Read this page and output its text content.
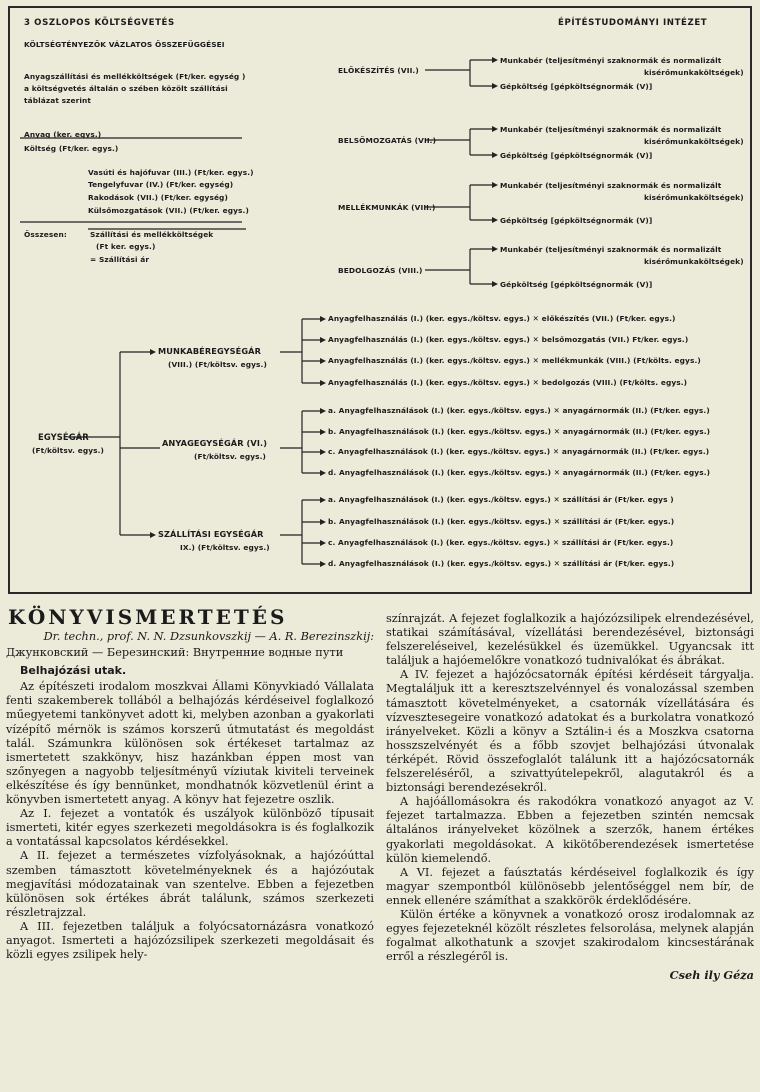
3 OSZLOPOS KÖLTSÉGVETÉS	ÉPÍTÉSTUDOMÁNYI INTÉZET
KÖLTSÉGTÉNYEZŐK VÁZLATOS ÖSSZEFÜGGÉSEI
Anyagszállítási és mellékköltségek (Ft/ker. egység )
a költségvetés általán o szében közölt szállítási
táblázat szerint
Anyag (ker. egys.)
Költség (Ft/ker. egys.)
Vasúti és hajófuvar (III.) (Ft/ker. egys.)
Tengelyfuvar (IV.) (Ft/ker. egység)
Rakodások (VII.) (Ft/ker. egység)
Külsőmozgatások (VII.) (Ft/ker. egys.)
Összesen:	Szállítási és mellékköltségek
(Ft ker. egys.)
= Szállítási ár
ELŐKÉSZÍTÉS (VII.)
BELSŐMOZGATÁS (VII.)
MELLÉKMUNKÁK (VIII.)
BEDOLGOZÁS (VIII.)
Munkabér (teljesítményi szaknormák és normalizált
kisérőmunkaköltségek)
Gépköltség [gépköltségnormák (V)]
Munkabér (teljesítményi szaknormák és normalizált
kisérőmunkaköltségek)
Gépköltség [gépköltségnormák (V)]
Munkabér (teljesítményi szaknormák és normalizált
kisérőmunkaköltségek)
Gépköltség [gépköltségnormák (V)]
Munkabér (teljesítményi szaknormák és normalizált
kisérőmunkaköltségek)
Gépköltség [gépköltségnormák (V)]
EGYSÉGÁR
(Ft/költsv. egys.)
MUNKABÉREGYSÉGÁR
(VIII.) (Ft/költsv. egys.)
ANYAGEGYSÉGÁR (VI.)
(Ft/költsv. egys.)
SZÁLLÍTÁSI EGYSÉGÁR
IX.) (Ft/költsv. egys.)
Anyagfelhasználás (I.) (ker. egys./költsv. egys.) ✕ előkészítés (VII.) (Ft/ker. egys.)
Anyagfelhasználás (I.) (ker. egys./költsv. egys.) ✕ belsőmozgatás (VII.) Ft/ker. egys.)
Anyagfelhasználás (I.) (ker. egys./költsv. egys.) ✕ mellékmunkák (VIII.) (Ft/költs. egys.)
Anyagfelhasználás (I.) (ker. egys./költsv. egys.) ✕ bedolgozás (VIII.) (Ft/költs. egys.)
a. Anyagfelhasználások (I.) (ker. egys./költsv. egys.) ✕ anyagárnormák (II.) (Ft/ker. egys.)
b. Anyagfelhasználások (I.) (ker. egys./költsv. egys.) ✕ anyagárnormák (II.) (Ft/ker. egys.)
c. Anyagfelhasználások (I.) (ker. egys./költsv. egys.) ✕ anyagárnormák (II.) (Ft/ker. egys.)
d. Anyagfelhasználások (I.) (ker. egys./költsv. egys.) ✕ anyagárnormák (II.) (Ft/ker. egys.)
a. Anyagfelhasználások (I.) (ker. egys./költsv. egys.) ✕ szállítási ár (Ft/ker. egys )
b. Anyagfelhasználások (I.) (ker. egys./költsv. egys.) ✕ szállítási ár (Ft/ker. egys.)
c. Anyagfelhasználások (I.) (ker. egys./költsv. egys.) ✕ szállítási ár (Ft/ker. egys.)
d. Anyagfelhasználások (I.) (ker. egys./költsv. egys.) ✕ szállítási ár (Ft/ker. egys.)
KÖNYVISMERTETÉS
Dr. techn., prof. N. N. Dzsunkovszkij — A. R. Berezinszkij:
Джунковский — Березинский: Внутренние водные пути
Belhajózási utak.

Az építészeti irodalom moszkvai Állami Könyvkiadó Vállalata fenti szakemberek tollából a belhajózás kérdéseivel foglalkozó műegyetemi tankönyvet adott ki, melyben azonban a gyakorlati vízépítő mérnök is számos korszerű útmutatást és megoldást talál. Számunkra különösen sok értékeset tartalmaz az ismertetett szakkönyv, hisz hazánkban éppen most van szőnyegen a nagyobb teljesítményű víziutak kiviteli terveinek elkészítése és így bennünket, mondhatnók közvetlenül érint a könyvben ismertetett anyag. A könyv hat fejezetre oszlik.

Az I. fejezet a vontatók és uszályok különböző típusait ismerteti, kitér egyes szerkezeti megoldásokra is és foglalkozik a vontatással kapcsolatos kérdésekkel.

A II. fejezet a természetes vízfolyásoknak, a hajózóúttal szemben támasztott követelményeknek és a hajózóutak megjavítási módozatainak van szentelve. Ebben a fejezetben különösen sok értékes ábrát találunk, számos szerkezeti részletrajzzal.

A III. fejezetben találjuk a folyócsatornázásra vonatkozó anyagot. Ismerteti a hajózózsilipek szerkezeti megoldásait és közli egyes zsilipek hely-

színrajzát. A fejezet foglalkozik a hajózózsilipek elrendezésével, statikai számításával, vízellátási berendezésével, biztonsági felszereléseivel, kezelésükkel és üzemükkel. Ugyancsak itt találjuk a hajóemelőkre vonatkozó tudnivalókat és ábrákat.

A IV. fejezet a hajózócsatornák építési kérdéseit tárgyalja. Megtaláljuk itt a keresztszelvénnyel és vonalozással szemben támasztott követelményeket, a csatornák vízellátására és vízvesztesegeire vonatkozó adatokat és a burkolatra vonatkozó irányelveket. Közli a könyv a Sztálin-i és a Moszkva csatorna hosszszelvényét és a főbb szovjet belhajózási útvonalak térképét. Rövid összefoglalót találunk itt a hajózócsatornák felszereléséről, a szivattyútelepekről, alagutakról és a biztonsági berendezésekről.

A hajóállomásokra és rakodókra vonatkozó anyagot az V. fejezet tartalmazza. Ebben a fejezetben szintén nemcsak általános irányelveket közölnek a szerzők, hanem értékes gyakorlati megoldásokat. A kikötőberendezések ismertetése külön kiemelendő.

A VI. fejezet a faúsztatás kérdéseivel foglalkozik és így magyar szempontból különösebb jelentőséggel nem bír, de ennek ellenére számíthat a szakkörök érdeklődésére.

Külön értéke a könyvnek a vonatkozó orosz irodalomnak az egyes fejezeteknél közölt részletes felsorolása, melynek alapján fogalmat alkothatunk a szovjet szakirodalom kincsestárának erről a részlegéről is.

Cseh ily Géza
